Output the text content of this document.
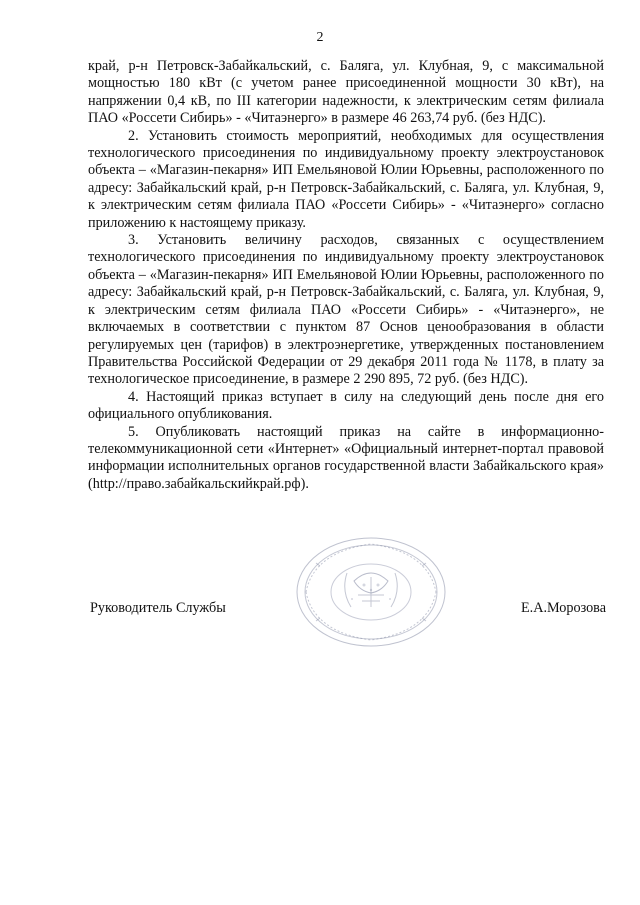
2

край, р-н Петровск-Забайкальский, с. Баляга, ул. Клубная, 9, с максимальной мощностью 180 кВт (с учетом ранее присоединенной мощности 30 кВт), на напряжении 0,4 кВ, по III категории надежности, к электрическим сетям филиала ПАО «Россети Сибирь» - «Читаэнерго» в размере 46 263,74 руб. (без НДС).

2. Установить стоимость мероприятий, необходимых для осуществления технологического присоединения по индивидуальному проекту электроустановок объекта – «Магазин-пекарня» ИП Емельяновой Юлии Юрьевны, расположенного по адресу: Забайкальский край, р-н Петровск-Забайкальский, с. Баляга, ул. Клубная, 9, к электрическим сетям филиала ПАО «Россети Сибирь» - «Читаэнерго» согласно приложению к настоящему приказу.

3. Установить величину расходов, связанных с осуществлением технологического присоединения по индивидуальному проекту электроустановок объекта – «Магазин-пекарня» ИП Емельяновой Юлии Юрьевны, расположенного по адресу: Забайкальский край, р-н Петровск-Забайкальский, с. Баляга, ул. Клубная, 9, к электрическим сетям филиала ПАО «Россети Сибирь» - «Читаэнерго», не включаемых в соответствии с пунктом 87 Основ ценообразования в области регулируемых цен (тарифов) в электроэнергетике, утвержденных постановлением Правительства Российской Федерации от 29 декабря 2011 года № 1178, в плату за технологическое присоединение, в размере 2 290 895, 72 руб. (без НДС).

4. Настоящий приказ вступает в силу на следующий день после дня его официального опубликования.

5. Опубликовать настоящий приказ на сайте в информационно-телекоммуникационной сети «Интернет» «Официальный интернет-портал правовой информации исполнительных органов государственной власти Забайкальского края» (http://право.забайкальскийкрай.рф).

Руководитель Службы	Е.А.Морозова
